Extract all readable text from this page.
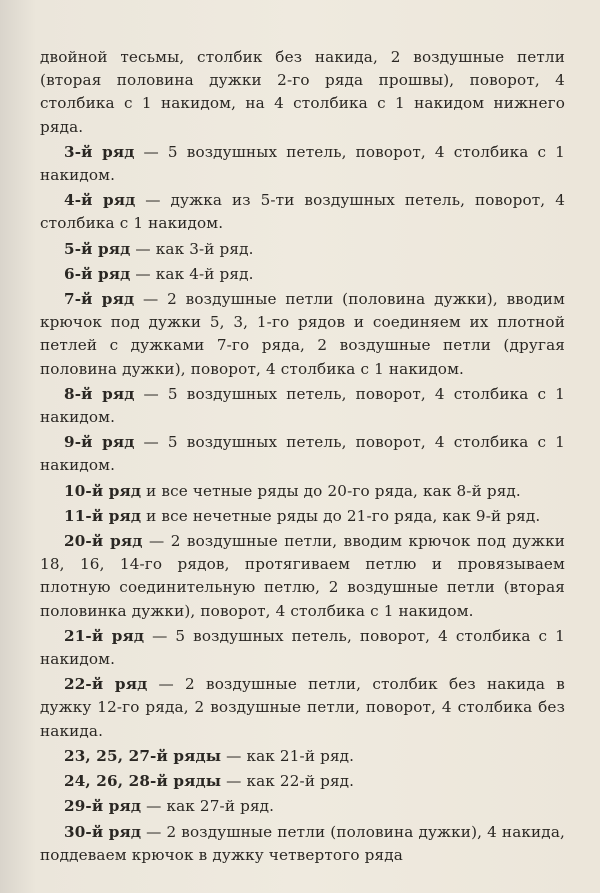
двойной тесьмы, столбик без накида, 2 воздушные петли (вторая половина дужки 2-го ряда прошвы), поворот, 4 столбика с 1 накидом, на 4 столбика с 1 накидом нижнего ряда.

3-й ряд — 5 воздушных петель, поворот, 4 столбика с 1 накидом.

4-й ряд — дужка из 5-ти воздушных петель, поворот, 4 столбика с 1 накидом.

5-й ряд — как 3-й ряд.

6-й ряд — как 4-й ряд.

7-й ряд — 2 воздушные петли (половина дужки), вводим крючок под дужки 5, 3, 1-го рядов и соединяем их плотной петлей с дужками 7-го ряда, 2 воздушные петли (другая половина дужки), поворот, 4 столбика с 1 накидом.

8-й ряд — 5 воздушных петель, поворот, 4 столбика с 1 накидом.

9-й ряд — 5 воздушных петель, поворот, 4 столбика с 1 накидом.

10-й ряд и все четные ряды до 20-го ряда, как 8-й ряд.

11-й ряд и все нечетные ряды до 21-го ряда, как 9-й ряд.

20-й ряд — 2 воздушные петли, вводим крючок под дужки 18, 16, 14-го рядов, протягиваем петлю и провязываем плотную соединительную петлю, 2 воздушные петли (вторая половинка дужки), поворот, 4 столбика с 1 накидом.

21-й ряд — 5 воздушных петель, поворот, 4 столбика с 1 накидом.

22-й ряд — 2 воздушные петли, столбик без накида в дужку 12-го ряда, 2 воздушные петли, поворот, 4 столбика без накида.

23, 25, 27-й ряды — как 21-й ряд.

24, 26, 28-й ряды — как 22-й ряд.

29-й ряд — как 27-й ряд.

30-й ряд — 2 воздушные петли (половина дужки), 4 накида, поддеваем крючок в дужку четвертого ряда
